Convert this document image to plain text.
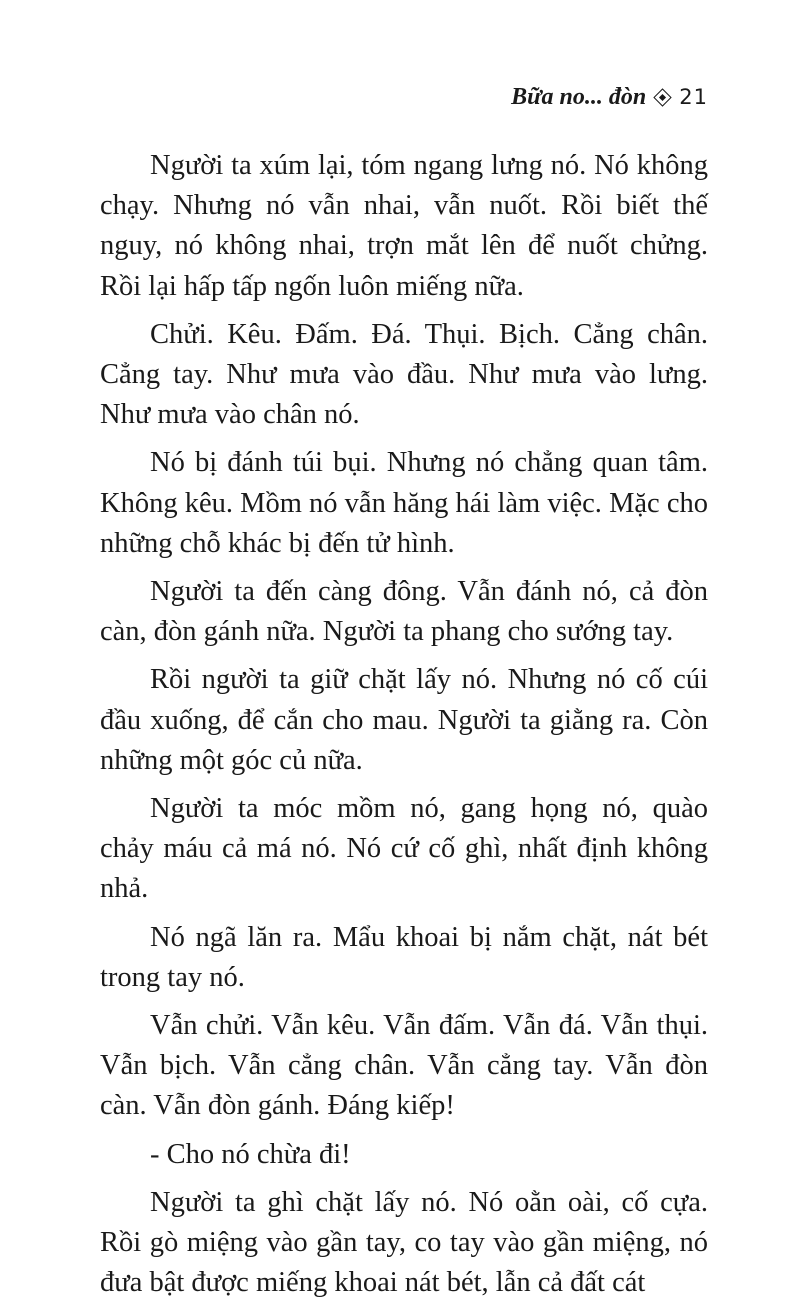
Bữa no... đòn 21

Người ta xúm lại, tóm ngang lưng nó. Nó không chạy. Nhưng nó vẫn nhai, vẫn nuốt. Rồi biết thế nguy, nó không nhai, trợn mắt lên để nuốt chửng. Rồi lại hấp tấp ngốn luôn miếng nữa.

Chửi. Kêu. Đấm. Đá. Thụi. Bịch. Cẳng chân. Cẳng tay. Như mưa vào đầu. Như mưa vào lưng. Như mưa vào chân nó.

Nó bị đánh túi bụi. Nhưng nó chẳng quan tâm. Không kêu. Mồm nó vẫn hăng hái làm việc. Mặc cho những chỗ khác bị đến tử hình.

Người ta đến càng đông. Vẫn đánh nó, cả đòn càn, đòn gánh nữa. Người ta phang cho sướng tay.

Rồi người ta giữ chặt lấy nó. Nhưng nó cố cúi đầu xuống, để cắn cho mau. Người ta giằng ra. Còn những một góc củ nữa.

Người ta móc mồm nó, gang họng nó, quào chảy máu cả má nó. Nó cứ cố ghì, nhất định không nhả.

Nó ngã lăn ra. Mẩu khoai bị nắm chặt, nát bét trong tay nó.

Vẫn chửi. Vẫn kêu. Vẫn đấm. Vẫn đá. Vẫn thụi. Vẫn bịch. Vẫn cẳng chân. Vẫn cẳng tay. Vẫn đòn càn. Vẫn đòn gánh. Đáng kiếp!

- Cho nó chừa đi!

Người ta ghì chặt lấy nó. Nó oằn oài, cố cựa. Rồi gò miệng vào gần tay, co tay vào gần miệng, nó đưa bật được miếng khoai nát bét, lẫn cả đất cát
